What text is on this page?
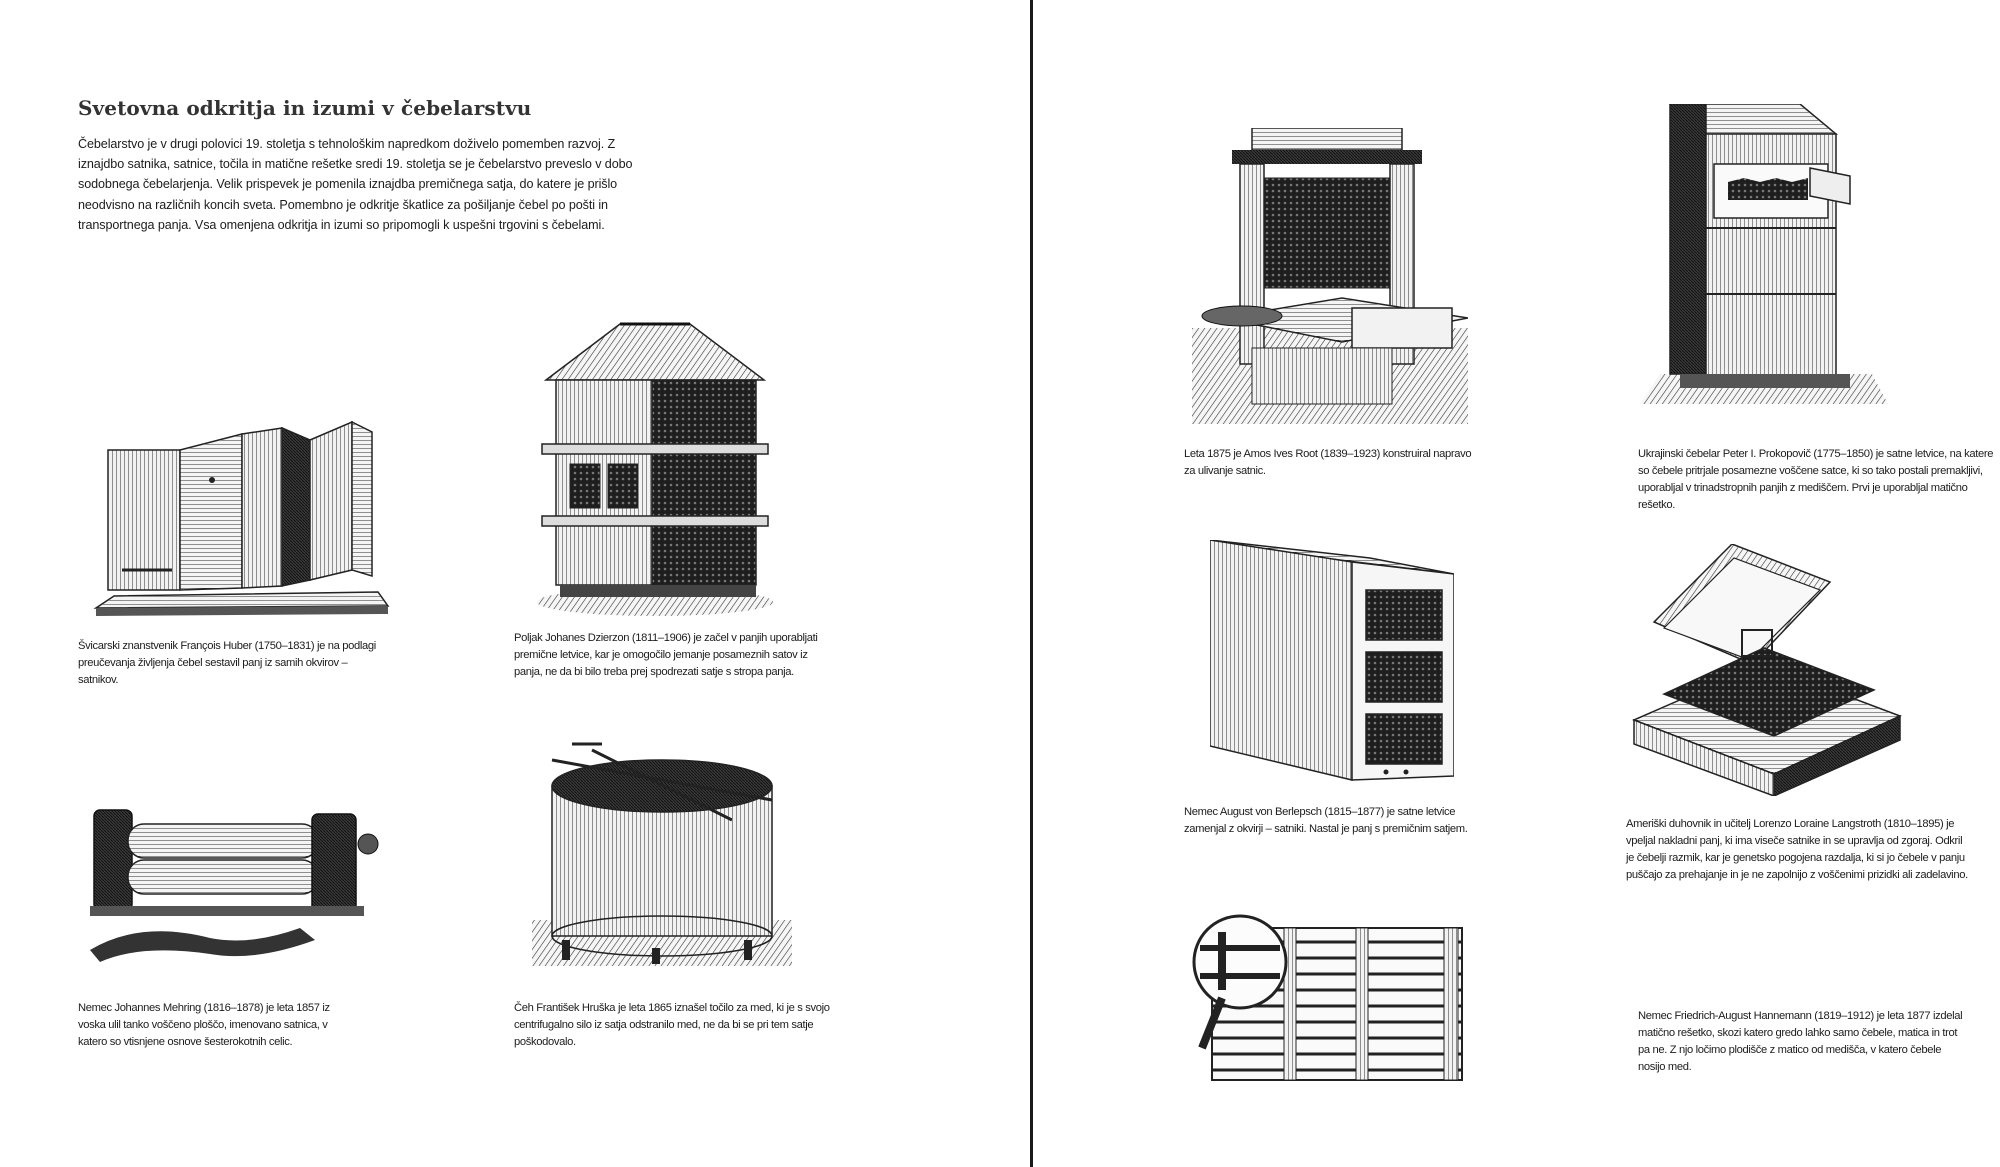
Svetovna odkritja in izumi v čebelarstvu

Čebelarstvo je v drugi polovici 19. stoletja s tehnološkim napredkom doživelo pomemben razvoj. Z iznajdbo satnika, satnice, točila in matične rešetke sredi 19. stoletja se je čebelarstvo preveslo v dobo sodobnega čebelarjenja. Velik prispevek je pomenila iznajdba premičnega satja, do katere je prišlo neodvisno na različnih koncih sveta. Pomembno je odkritje škatlice za pošiljanje čebel po pošti in transportnega panja. Vsa omenjena odkritja in izumi so pripomogli k uspešni trgovini s čebelami.

Švicarski znanstvenik François Huber (1750–1831) je na podlagi preučevanja življenja čebel sestavil panj iz samih okvirov – satnikov.

Poljak Johanes Dzierzon (1811–1906) je začel v panjih uporabljati premične letvice, kar je omogočilo jemanje posameznih satov iz panja, ne da bi bilo treba prej spodrezati satje s stropa panja.

Nemec Johannes Mehring (1816–1878) je leta 1857 iz voska ulil tanko voščeno ploščo, imenovano satnica, v katero so vtisnjene osnove šesterokotnih celic.

Čeh František Hruška je leta 1865 iznašel točilo za med, ki je s svojo centrifugalno silo iz satja odstranilo med, ne da bi se pri tem satje poškodovalo.

Leta 1875 je Amos Ives Root (1839–1923) konstruiral napravo za ulivanje satnic.

Ukrajinski čebelar Peter I. Prokopovič (1775–1850) je satne letvice, na katere so čebele pritrjale posamezne voščene satce, ki so tako postali premakljivi, uporabljal v trinadstropnih panjih z mediščem. Prvi je uporabljal matično rešetko.

Nemec August von Berlepsch (1815–1877) je satne letvice zamenjal z okvirji – satniki. Nastal je panj s premičnim satjem.	Ameriški duhovnik in učitelj Lorenzo Loraine Langstroth (1810–1895) je vpeljal nakladni panj, ki ima viseče satnike in se upravlja od zgoraj. Odkril je čebelji razmik, kar je genetsko pogojena razdalja, ki si jo čebele v panju puščajo za prehajanje in je ne zapolnijo z voščenimi prizidki ali zadelavino.

Nemec Friedrich-August Hannemann (1819–1912) je leta 1877 izdelal matično rešetko, skozi katero gredo lahko samo čebele, matica in trot pa ne. Z njo ločimo plodišče z matico od medišča, v katero čebele nosijo med.
